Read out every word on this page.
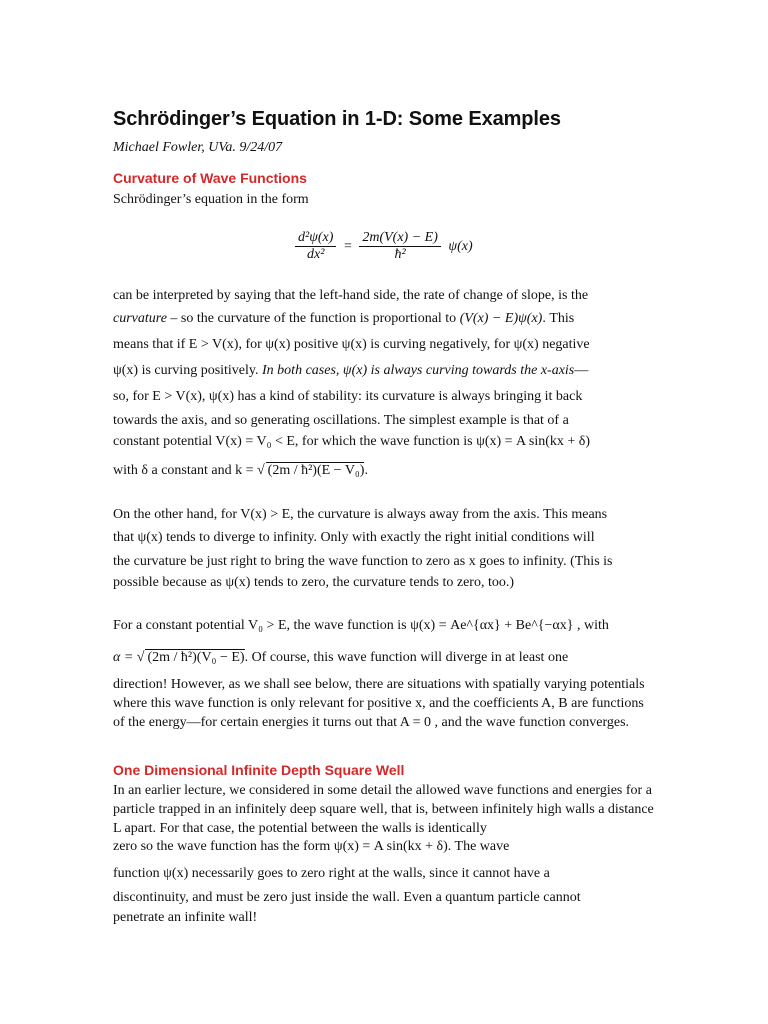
Schrödinger’s Equation in 1-D: Some Examples
Michael Fowler, UVa. 9/24/07
Curvature of Wave Functions
Schrödinger’s equation in the form
$\frac{\text{d²ψ(x)}}{\text{dx²}} = \frac{2m(V(x) - E)}{\text{ħ²}} \psi(x)$
can be interpreted by saying that the left-hand side, the rate of change of slope, is the
curvature – so the curvature of the function is proportional to (V(x) − E)ψ(x). This
means that if E > V(x), for ψ(x) positive ψ(x) is curving negatively, for ψ(x) negative
ψ(x) is curving positively. In both cases, ψ(x) is always curving towards the x-axis—
so, for E > V(x), ψ(x) has a kind of stability: its curvature is always bringing it back
towards the axis, and so generating oscillations. The simplest example is that of a
constant potential V(x) = V₀ < E, for which the wave function is ψ(x) = A sin(kx + δ)
with δ a constant and k = √ (2m / ħ²)(E − V₀).
On the other hand, for V(x) > E, the curvature is always away from the axis. This means
that ψ(x) tends to diverge to infinity. Only with exactly the right initial conditions will
the curvature be just right to bring the wave function to zero as x goes to infinity. (This is
possible because as ψ(x) tends to zero, the curvature tends to zero, too.)
For a constant potential V₀ > E, the wave function is ψ(x) = Ae^{αx} + Be^{−αx} , with
α = √ (2m / ħ²)(V₀ − E). Of course, this wave function will diverge in at least one
direction! However, as we shall see below, there are situations with spatially varying potentials where this wave function is only relevant for positive x, and the coefficients A, B are functions of the energy—for certain energies it turns out that A = 0 , and the wave function converges.
One Dimensional Infinite Depth Square Well
In an earlier lecture, we considered in some detail the allowed wave functions and energies for a particle trapped in an infinitely deep square well, that is, between infinitely high walls a distance L apart. For that case, the potential between the walls is identically
zero so the wave function has the form ψ(x) = A sin(kx + δ). The wave
function ψ(x) necessarily goes to zero right at the walls, since it cannot have a
discontinuity, and must be zero just inside the wall. Even a quantum particle cannot
penetrate an infinite wall!
